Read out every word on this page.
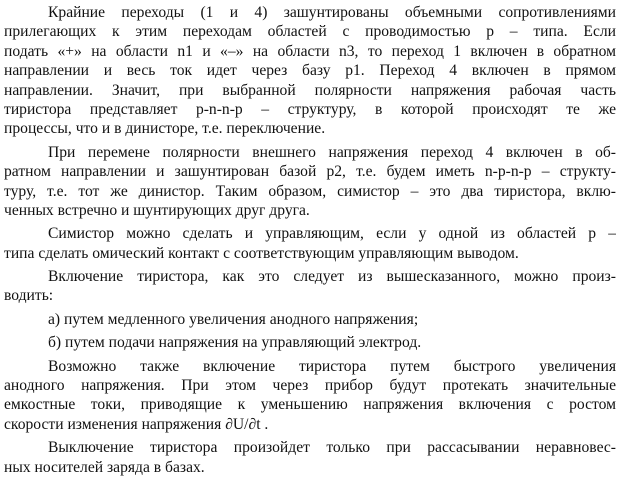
Крайние переходы (1 и 4) зашунтированы объемными сопротивлениями
прилегающих к этим переходам областей с проводимостью p – типа. Если
подать «+» на области n1 и «–» на области n3, то переход 1 включен в обратном
направлении и весь ток идет через базу p1. Переход 4 включен в прямом
направлении. Значит, при выбранной полярности напряжения рабочая часть
тиристора представляет p-n-n-p – структуру, в которой происходят те же
процессы, что и в динисторе, т.е. переключение.

При перемене полярности внешнего напряжения переход 4 включен в об-
ратном направлении и зашунтирован базой p2, т.е. будем иметь n-p-n-p – структу-
туру, т.е. тот же динистор. Таким образом, симистор – это два тиристора, вклю-
ченных встречно и шунтирующих друг друга.

Симистор можно сделать и управляющим, если у одной из областей p –
типа сделать омический контакт с соответствующим управляющим выводом.

Включение тиристора, как это следует из вышесказанного, можно произ-
водить:

а) путем медленного увеличения анодного напряжения;

б) путем подачи напряжения на управляющий электрод.

Возможно также включение тиристора путем быстрого увеличения
анодного напряжения. При этом через прибор будут протекать значительные
емкостные токи, приводящие к уменьшению напряжения включения с ростом
скорости изменения напряжения ∂U/∂t .

Выключение тиристора произойдет только при рассасывании неравновес-
ных носителей заряда в базах.
